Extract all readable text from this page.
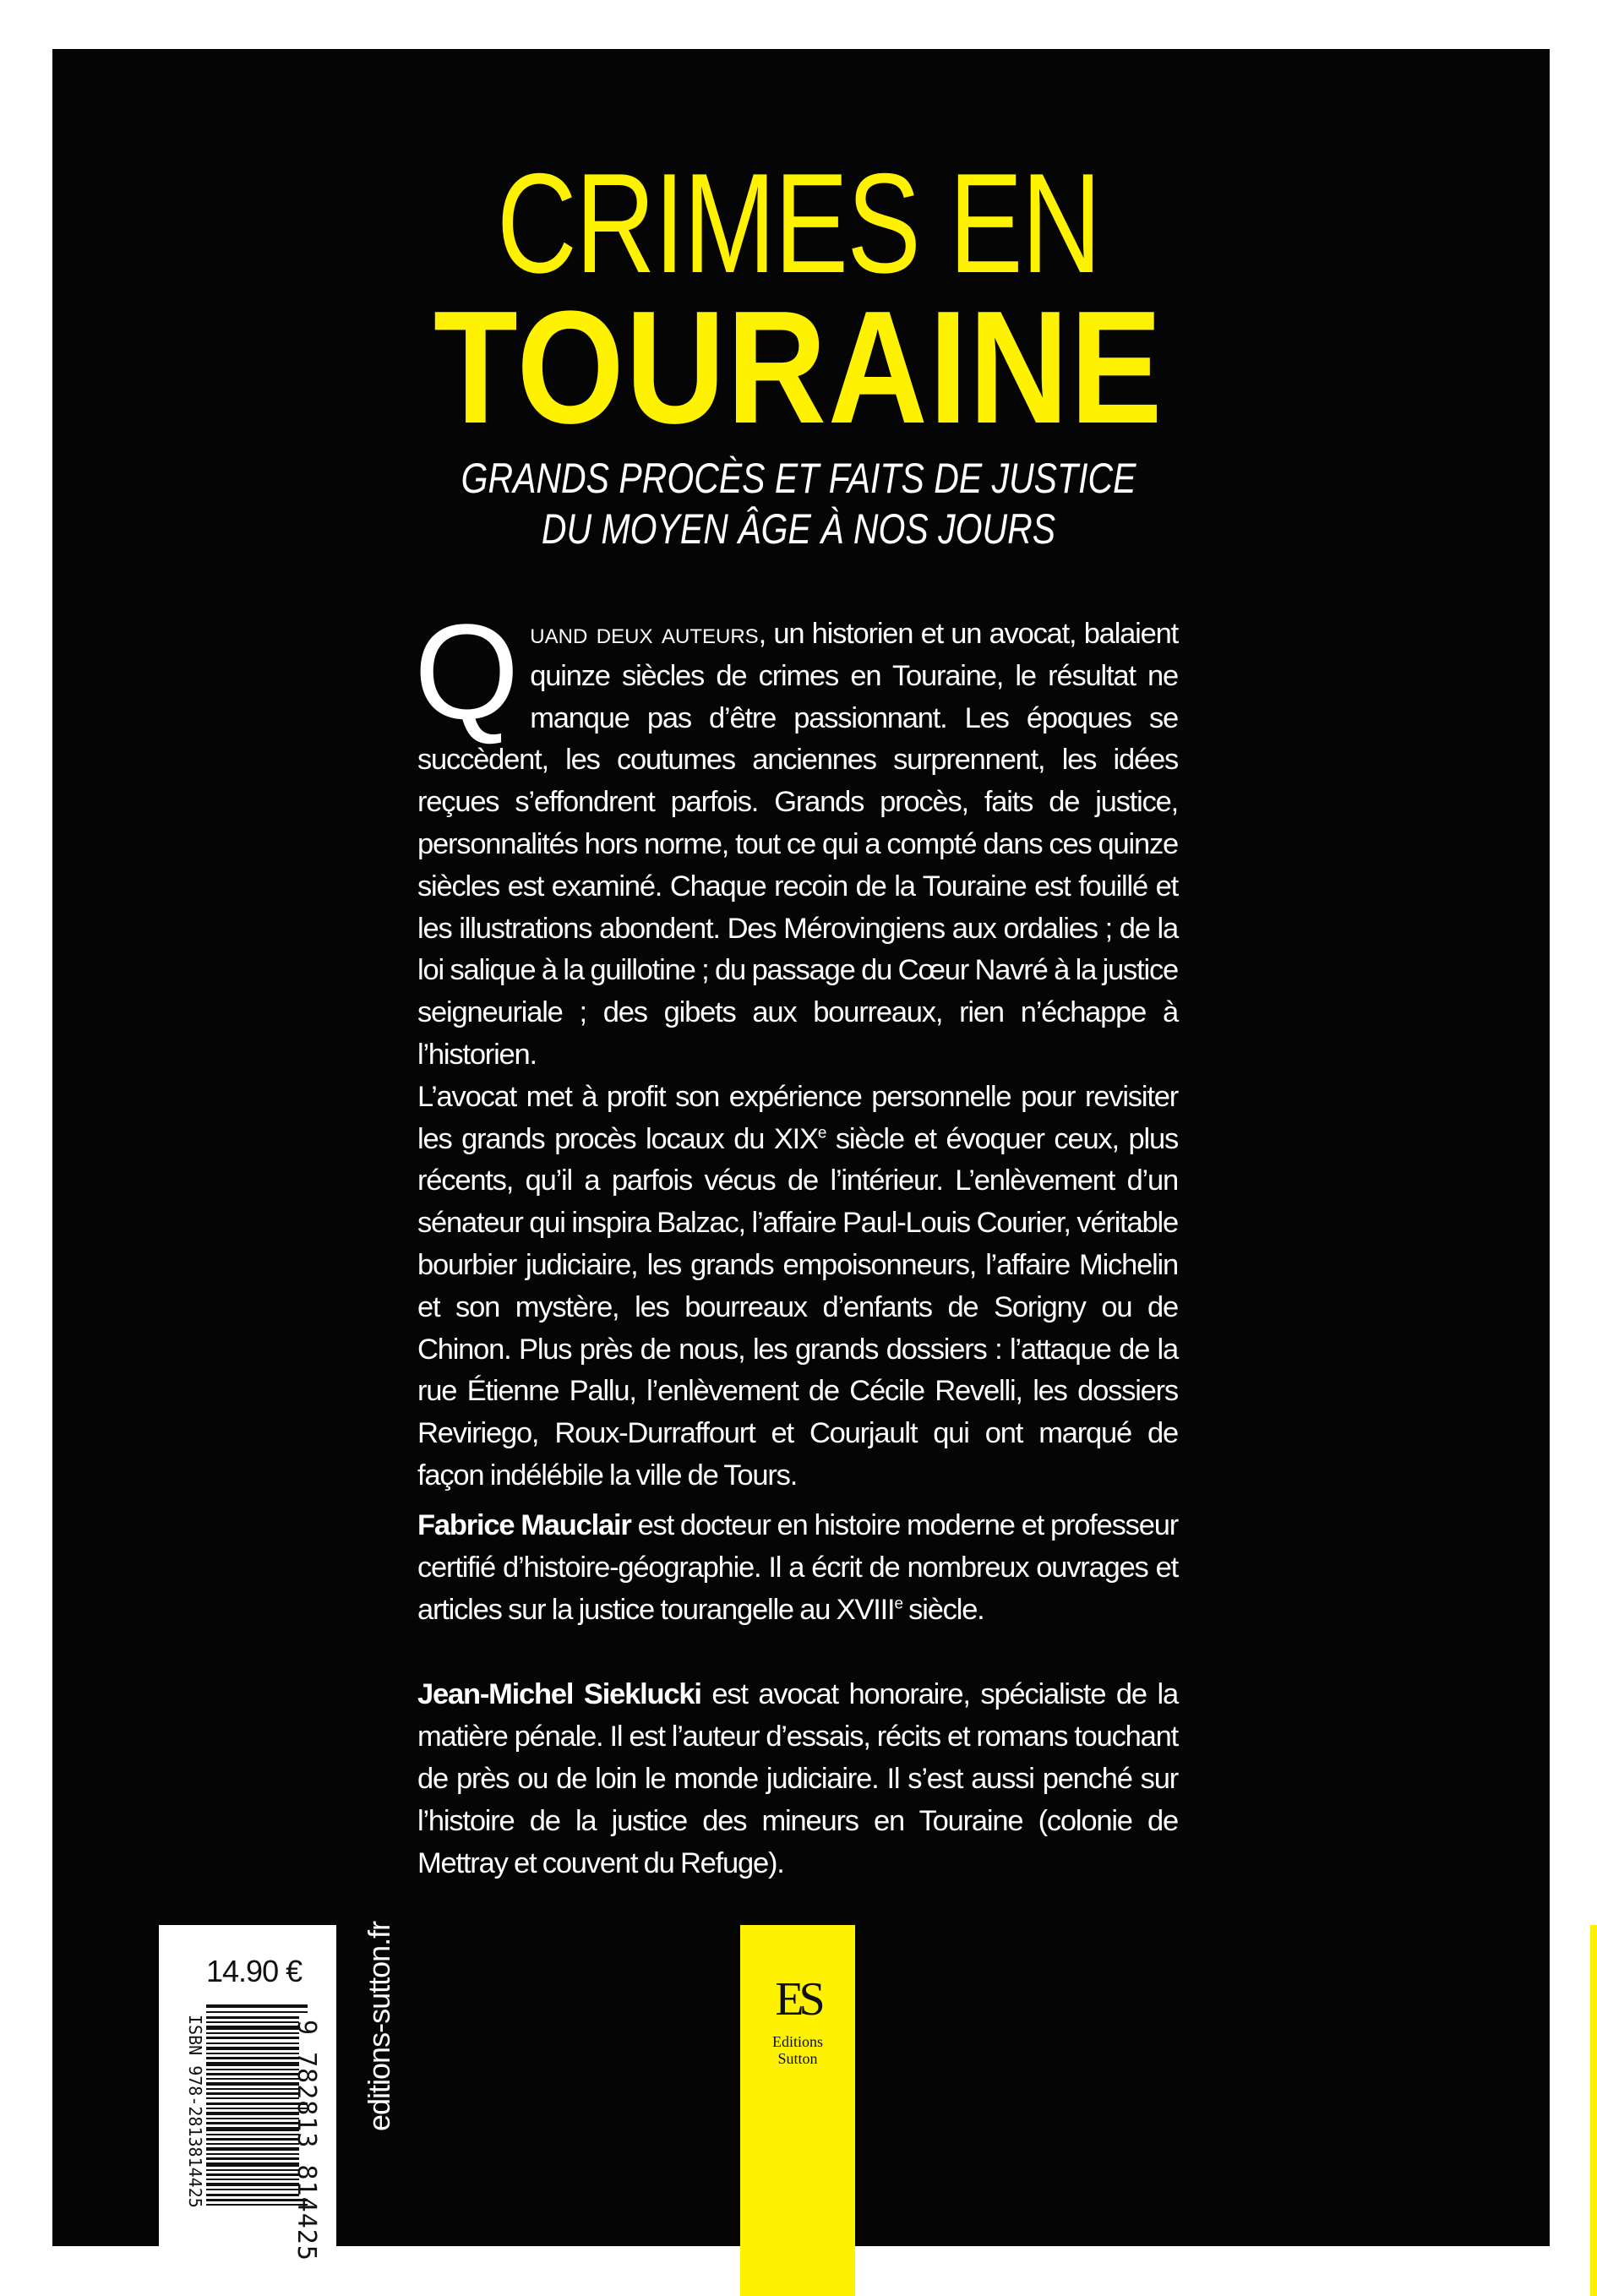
CRIMES EN
TOURAINE
GRANDS PROCÈS ET FAITS DE JUSTICE
DU MOYEN ÂGE À NOS JOURS

Quand deux auteurs, un historien et un avocat, balaient quinze siècles de crimes en Touraine, le résultat ne manque pas d’être passionnant. Les époques se succèdent, les coutumes anciennes surprennent, les idées reçues s’effondrent parfois. Grands procès, faits de justice, personnalités hors norme, tout ce qui a compté dans ces quinze siècles est examiné. Chaque recoin de la Touraine est fouillé et les illustrations abondent. Des Mérovingiens aux ordalies ; de la loi salique à la guillotine ; du passage du Cœur Navré à la justice seigneuriale ; des gibets aux bourreaux, rien n’échappe à l’historien.

L’avocat met à profit son expérience personnelle pour revisiter les grands procès locaux du XIXe siècle et évoquer ceux, plus récents, qu’il a parfois vécus de l’intérieur. L’enlèvement d’un sénateur qui inspira Balzac, l’affaire Paul-Louis Courier, véritable bourbier judiciaire, les grands empoisonneurs, l’affaire Michelin et son mystère, les bourreaux d’enfants de Sorigny ou de Chinon. Plus près de nous, les grands dossiers : l’attaque de la rue Étienne Pallu, l’enlèvement de Cécile Revelli, les dossiers Reviriego, Roux-Durraffourt et Courjault qui ont marqué de façon indélébile la ville de Tours.

Fabrice Mauclair est docteur en histoire moderne et professeur certifié d’histoire-géographie. Il a écrit de nombreux ouvrages et articles sur la justice tourangelle au XVIIIe siècle.

Jean-Michel Sieklucki est avocat honoraire, spécialiste de la matière pénale. Il est l’auteur d’essais, récits et romans touchant de près ou de loin le monde judiciaire. Il s’est aussi penché sur l’histoire de la justice des mineurs en Touraine (colonie de Mettray et couvent du Refuge).

14.90 €
ISBN 978-2813814425	9 782813 814425 editions-sutton.fr	ES
Editions
Sutton
